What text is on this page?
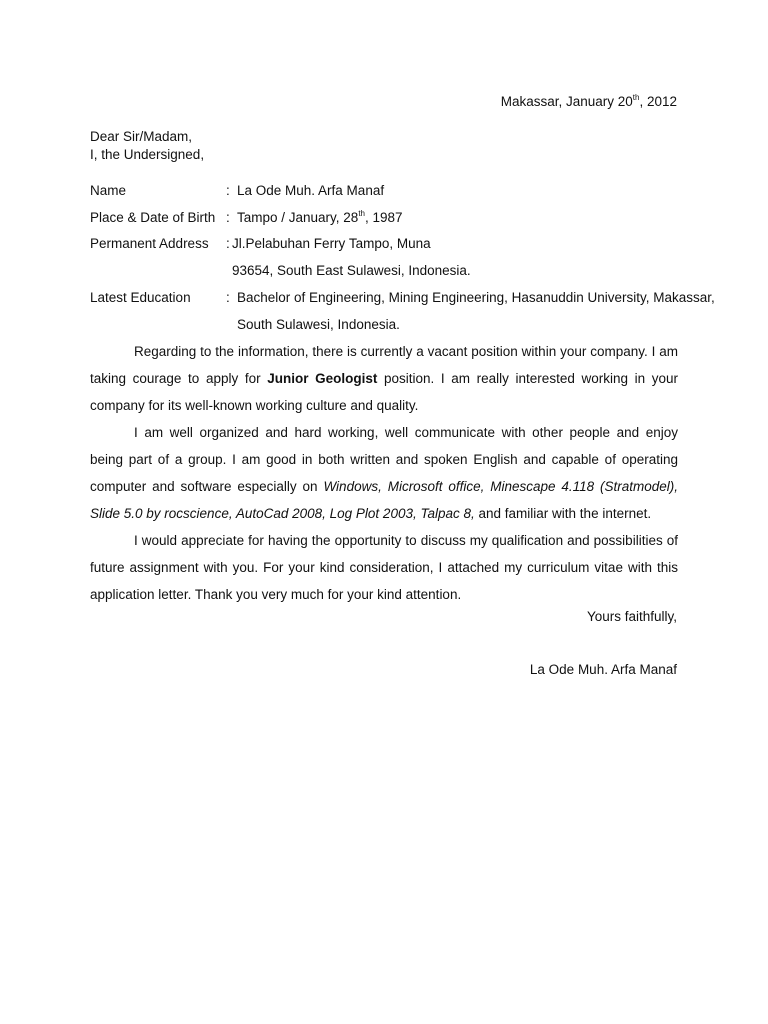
Makassar, January 20th, 2012
Dear Sir/Madam,
I, the Undersigned,
Name	: La Ode Muh. Arfa Manaf
Place & Date of Birth : Tampo / January, 28th, 1987
Permanent Address : Jl.Pelabuhan Ferry Tampo, Muna
93654, South East Sulawesi, Indonesia.
Latest Education	: Bachelor of Engineering, Mining Engineering, Hasanuddin University, Makassar,
South Sulawesi, Indonesia.
Regarding to the information, there is currently a vacant position within your company. I am taking courage to apply for Junior Geologist position. I am really interested working in your company for its well-known working culture and quality.
I am well organized and hard working, well communicate with other people and enjoy being part of a group. I am good in both written and spoken English and capable of operating computer and software especially on Windows, Microsoft office, Minescape 4.118 (Stratmodel), Slide 5.0 by rocscience, AutoCad 2008, Log Plot 2003, Talpac 8, and familiar with the internet.
I would appreciate for having the opportunity to discuss my qualification and possibilities of future assignment with you. For your kind consideration, I attached my curriculum vitae with this application letter. Thank you very much for your kind attention.
Yours faithfully,
La Ode Muh. Arfa Manaf
